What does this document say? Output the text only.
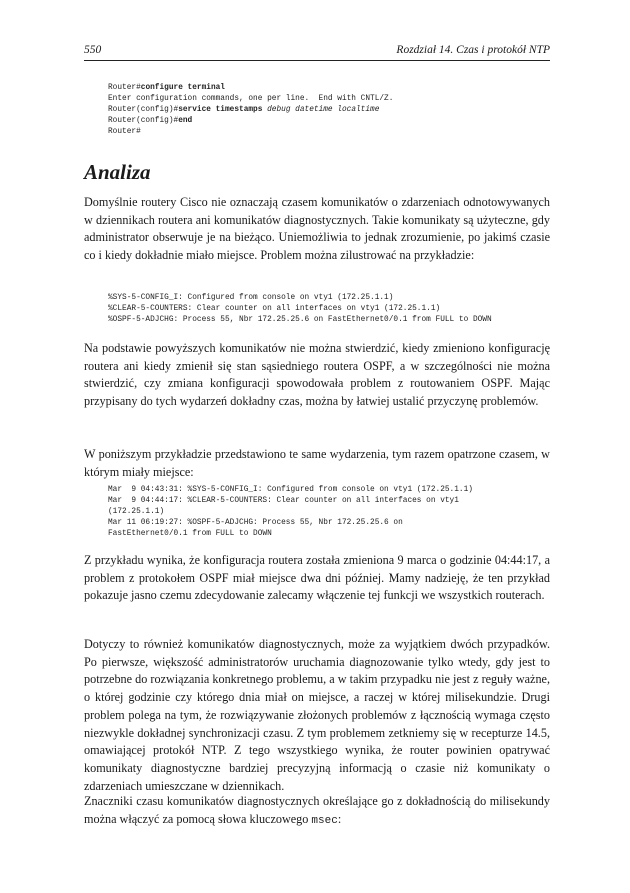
550	Rozdział 14. Czas i protokół NTP
Router#configure terminal
Enter configuration commands, one per line.  End with CNTL/Z.
Router(config)#service timestamps debug datetime localtime
Router(config)#end
Router#
Analiza

Domyślnie routery Cisco nie oznaczają czasem komunikatów o zdarzeniach odnotowywanych w dziennikach routera ani komunikatów diagnostycznych. Takie komunikaty są użyteczne, gdy administrator obserwuje je na bieżąco. Uniemożliwia to jednak zrozumienie, po jakimś czasie co i kiedy dokładnie miało miejsce. Problem można zilustrować na przykładzie:

%SYS-5-CONFIG_I: Configured from console on vty1 (172.25.1.1)
%CLEAR-5-COUNTERS: Clear counter on all interfaces on vty1 (172.25.1.1)
%OSPF-5-ADJCHG: Process 55, Nbr 172.25.25.6 on FastEthernet0/0.1 from FULL to DOWN

Na podstawie powyższych komunikatów nie można stwierdzić, kiedy zmieniono konfigurację routera ani kiedy zmienił się stan sąsiedniego routera OSPF, a w szczególności nie można stwierdzić, czy zmiana konfiguracji spowodowała problem z routowaniem OSPF. Mając przypisany do tych wydarzeń dokładny czas, można by łatwiej ustalić przyczynę problemów.

W poniższym przykładzie przedstawiono te same wydarzenia, tym razem opatrzone czasem, w którym miały miejsce:

Mar  9 04:43:31: %SYS-5-CONFIG_I: Configured from console on vty1 (172.25.1.1)
Mar  9 04:44:17: %CLEAR-5-COUNTERS: Clear counter on all interfaces on vty1
(172.25.1.1)
Mar 11 06:19:27: %OSPF-5-ADJCHG: Process 55, Nbr 172.25.25.6 on
FastEthernet0/0.1 from FULL to DOWN

Z przykładu wynika, że konfiguracja routera została zmieniona 9 marca o godzinie 04:44:17, a problem z protokołem OSPF miał miejsce dwa dni później. Mamy nadzieję, że ten przykład pokazuje jasno czemu zdecydowanie zalecamy włączenie tej funkcji we wszystkich routerach.

Dotyczy to również komunikatów diagnostycznych, może za wyjątkiem dwóch przypadków. Po pierwsze, większość administratorów uruchamia diagnozowanie tylko wtedy, gdy jest to potrzebne do rozwiązania konkretnego problemu, a w takim przypadku nie jest z reguły ważne, o której godzinie czy którego dnia miał on miejsce, a raczej w której milisekundzie. Drugi problem polega na tym, że rozwiązywanie złożonych problemów z łącznością wymaga często niezwykle dokładnej synchronizacji czasu. Z tym problemem zetkniemy się w recepturze 14.5, omawiającej protokół NTP. Z tego wszystkiego wynika, że router powinien opatrywać komunikaty diagnostyczne bardziej precyzyjną informacją o czasie niż komunikaty o zdarzeniach umieszczane w dziennikach.

Znaczniki czasu komunikatów diagnostycznych określające go z dokładnością do milisekundy można włączyć za pomocą słowa kluczowego msec:
